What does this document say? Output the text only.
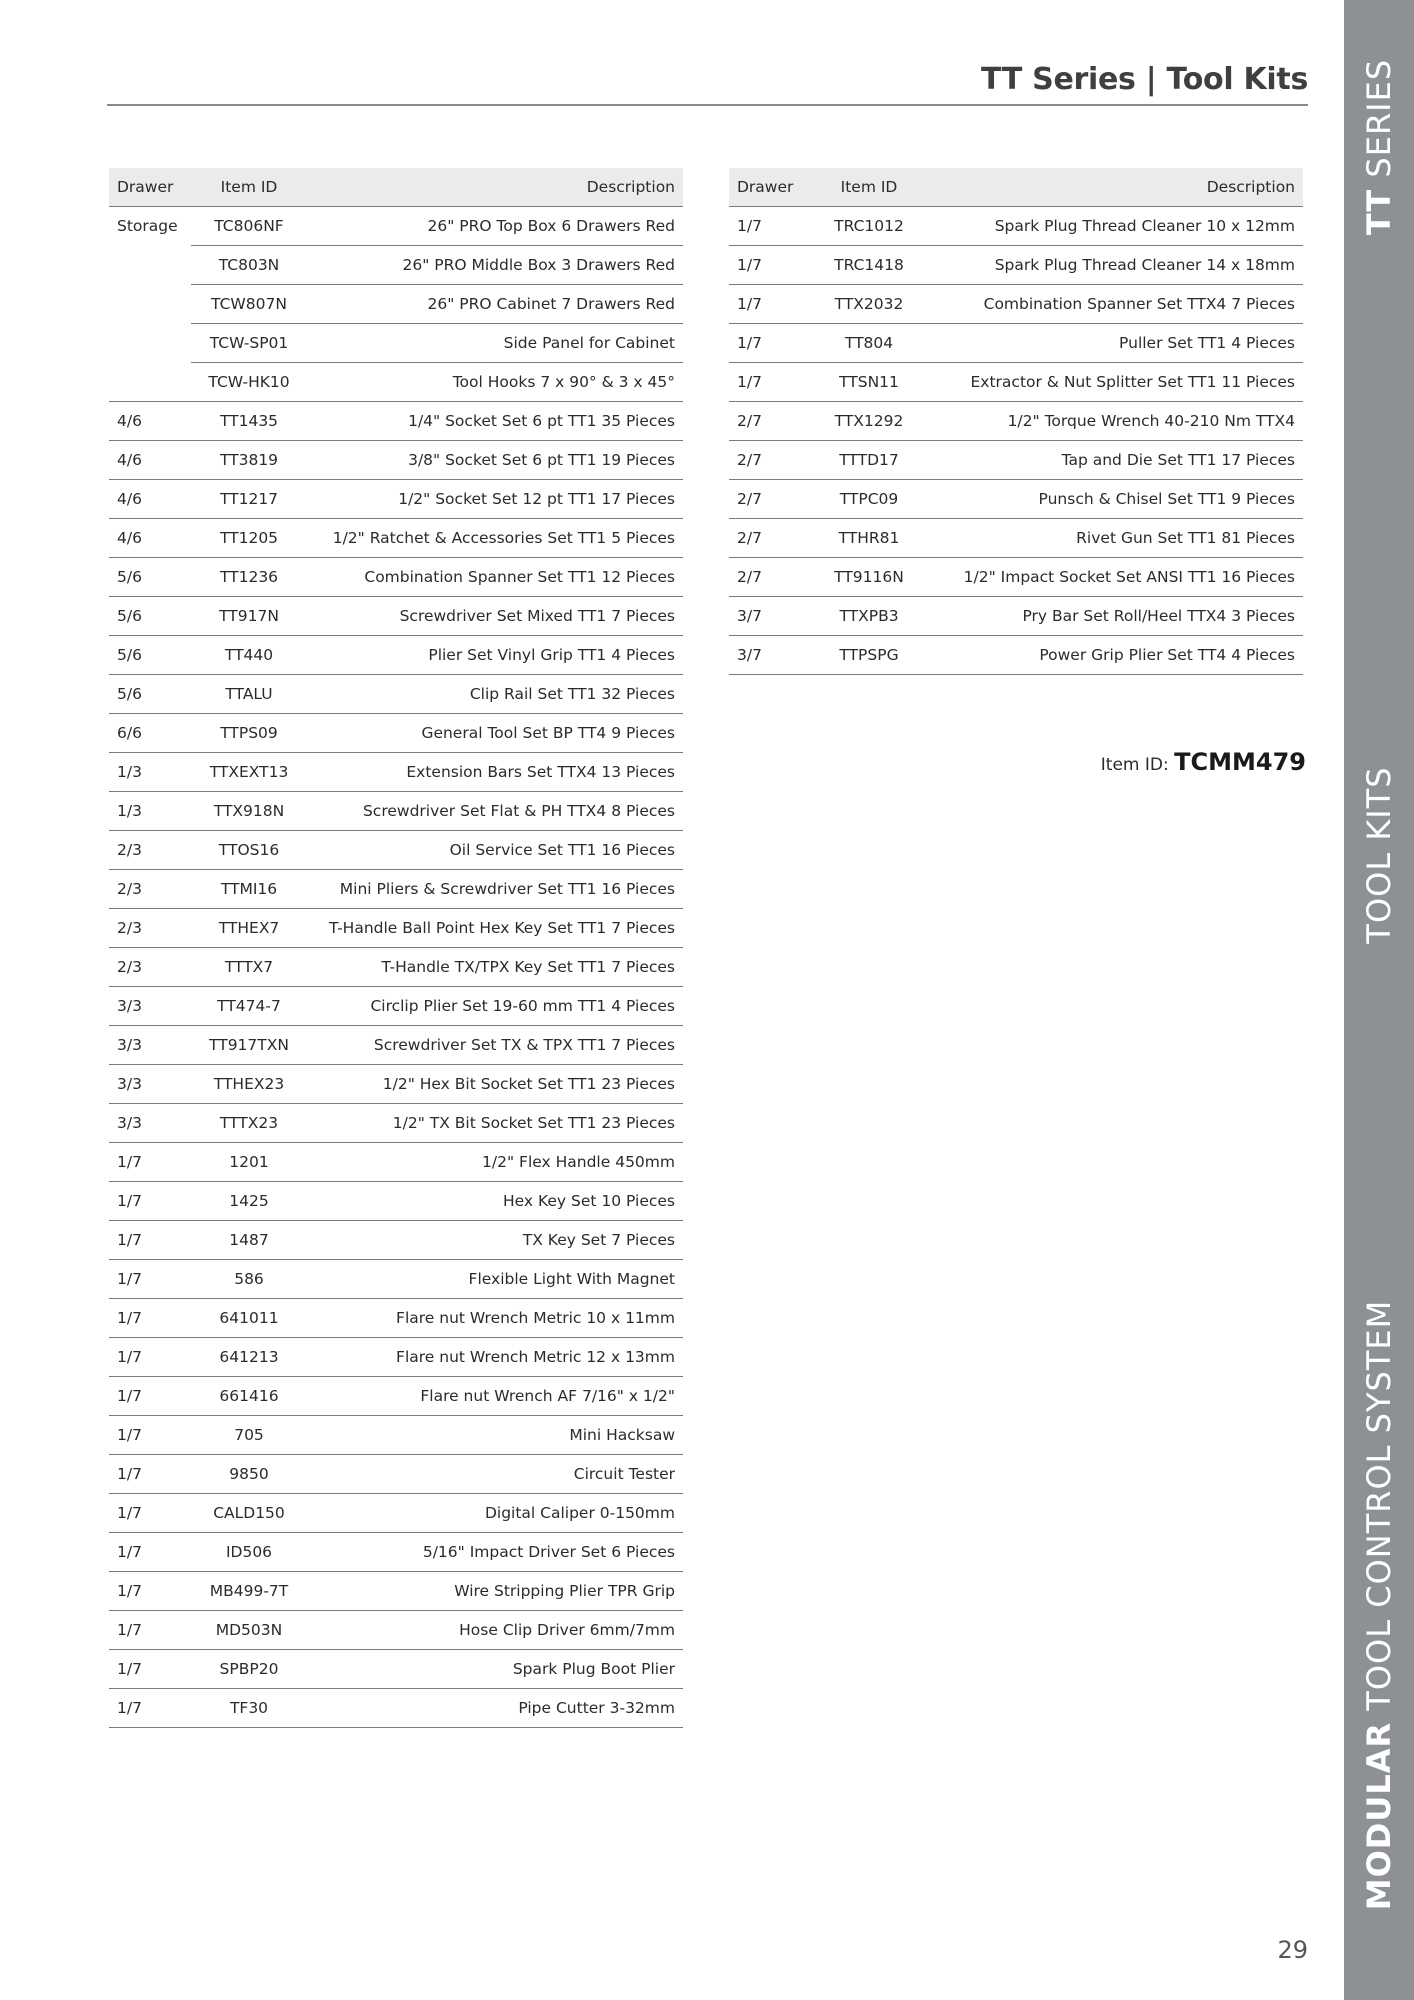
TT Series | Tool Kits
TT SERIES
TOOL KITS
MODULAR TOOL CONTROL SYSTEM
Drawer	Item ID	Description
Storage	TC806NF	26" PRO Top Box 6 Drawers Red
	TC803N	26" PRO Middle Box 3 Drawers Red
	TCW807N	26" PRO Cabinet 7 Drawers Red
	TCW-SP01	Side Panel for Cabinet
	TCW-HK10	Tool Hooks 7 x 90° & 3 x 45°
4/6	TT1435	1/4" Socket Set 6 pt TT1 35 Pieces
4/6	TT3819	3/8" Socket Set 6 pt TT1 19 Pieces
4/6	TT1217	1/2" Socket Set 12 pt TT1 17 Pieces
4/6	TT1205	1/2" Ratchet & Accessories Set TT1 5 Pieces
5/6	TT1236	Combination Spanner Set TT1 12 Pieces
5/6	TT917N	Screwdriver Set Mixed TT1 7 Pieces
5/6	TT440	Plier Set Vinyl Grip TT1 4 Pieces
5/6	TTALU	Clip Rail Set TT1 32 Pieces
6/6	TTPS09	General Tool Set BP TT4 9 Pieces
1/3	TTXEXT13	Extension Bars Set TTX4 13 Pieces
1/3	TTX918N	Screwdriver Set Flat & PH TTX4 8 Pieces
2/3	TTOS16	Oil Service Set TT1 16 Pieces
2/3	TTMI16	Mini Pliers & Screwdriver Set TT1 16 Pieces
2/3	TTHEX7	T-Handle Ball Point Hex Key Set TT1 7 Pieces
2/3	TTTX7	T-Handle TX/TPX Key Set TT1 7 Pieces
3/3	TT474-7	Circlip Plier Set 19-60 mm TT1 4 Pieces
3/3	TT917TXN	Screwdriver Set TX & TPX TT1 7 Pieces
3/3	TTHEX23	1/2" Hex Bit Socket Set TT1 23 Pieces
3/3	TTTX23	1/2" TX Bit Socket Set TT1 23 Pieces
1/7	1201	1/2" Flex Handle 450mm
1/7	1425	Hex Key Set 10 Pieces
1/7	1487	TX Key Set 7 Pieces
1/7	586	Flexible Light With Magnet
1/7	641011	Flare nut Wrench Metric 10 x 11mm
1/7	641213	Flare nut Wrench Metric 12 x 13mm
1/7	661416	Flare nut Wrench AF 7/16" x 1/2"
1/7	705	Mini Hacksaw
1/7	9850	Circuit Tester
1/7	CALD150	Digital Caliper 0-150mm
1/7	ID506	5/16" Impact Driver Set 6 Pieces
1/7	MB499-7T	Wire Stripping Plier TPR Grip
1/7	MD503N	Hose Clip Driver 6mm/7mm
1/7	SPBP20	Spark Plug Boot Plier
1/7	TF30	Pipe Cutter 3-32mm
Drawer	Item ID	Description
1/7	TRC1012	Spark Plug Thread Cleaner 10 x 12mm
1/7	TRC1418	Spark Plug Thread Cleaner 14 x 18mm
1/7	TTX2032	Combination Spanner Set TTX4 7 Pieces
1/7	TT804	Puller Set TT1 4 Pieces
1/7	TTSN11	Extractor & Nut Splitter Set TT1 11 Pieces
2/7	TTX1292	1/2" Torque Wrench 40-210 Nm TTX4
2/7	TTTD17	Tap and Die Set TT1 17 Pieces
2/7	TTPC09	Punsch & Chisel Set TT1 9 Pieces
2/7	TTHR81	Rivet Gun Set TT1 81 Pieces
2/7	TT9116N	1/2" Impact Socket Set ANSI TT1 16 Pieces
3/7	TTXPB3	Pry Bar Set Roll/Heel TTX4 3 Pieces
3/7	TTPSPG	Power Grip Plier Set TT4 4 Pieces
Item ID: TCMM479
29
